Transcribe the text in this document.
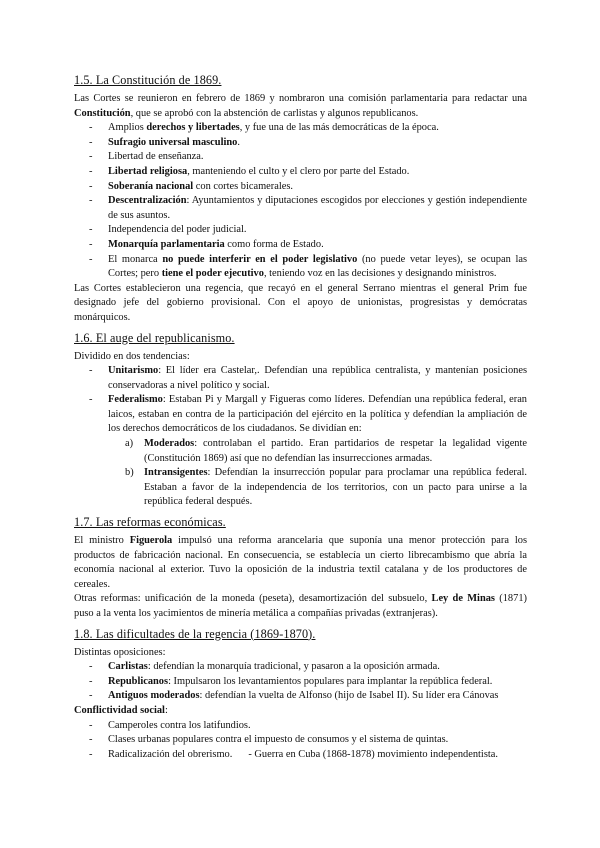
1.5. La Constitución de 1869.

Las Cortes se reunieron en febrero de 1869 y nombraron una comisión parlamentaria para redactar una Constitución, que se aprobó con la abstención de carlistas y algunos republicanos.

- Amplios derechos y libertades, y fue una de las más democráticas de la época.
- Sufragio universal masculino.
- Libertad de enseñanza.
- Libertad religiosa, manteniendo el culto y el clero por parte del Estado.
- Soberanía nacional con cortes bicamerales.
- Descentralización: Ayuntamientos y diputaciones escogidos por elecciones y gestión independiente de sus asuntos.
- Independencia del poder judicial.
- Monarquía parlamentaria como forma de Estado.
- El monarca no puede interferir en el poder legislativo (no puede vetar leyes), se ocupan las Cortes; pero tiene el poder ejecutivo, teniendo voz en las decisiones y designando ministros.

Las Cortes establecieron una regencia, que recayó en el general Serrano mientras el general Prim fue designado jefe del gobierno provisional. Con el apoyo de unionistas, progresistas y demócratas monárquicos.

1.6. El auge del republicanismo.

Dividido en dos tendencias:

- Unitarismo: El líder era Castelar,. Defendían una república centralista, y mantenían posiciones conservadoras a nivel político y social.
- Federalismo: Estaban Pi y Margall y Figueras como líderes. Defendían una república federal, eran laicos, estaban en contra de la participación del ejército en la política y defendían la ampliación de los derechos democráticos de los ciudadanos. Se dividían en:
a) Moderados: controlaban el partido. Eran partidarios de respetar la legalidad vigente (Constitución 1869) así que no defendían las insurrecciones armadas.
b) Intransigentes: Defendían la insurrección popular para proclamar una república federal. Estaban a favor de la independencia de los territorios, con un pacto para unirse a la república federal después.
1.7. Las reformas económicas.

El ministro Figuerola impulsó una reforma arancelaria que suponía una menor protección para los productos de fabricación nacional. En consecuencia, se establecía un cierto librecambismo que abría la economía nacional al exterior. Tuvo la oposición de la industria textil catalana y de los productores de cereales.

Otras reformas: unificación de la moneda (peseta), desamortización del subsuelo, Ley de Minas (1871) puso a la venta los yacimientos de minería metálica a compañías privadas (extranjeras).

1.8. Las dificultades de la regencia (1869-1870).

Distintas oposiciones:

- Carlistas: defendían la monarquía tradicional, y pasaron a la oposición armada.
- Republicanos: Impulsaron los levantamientos populares para implantar la república federal.
- Antiguos moderados: defendían la vuelta de Alfonso (hijo de Isabel II). Su líder era Cánovas

Conflictividad social:

- Camperoles contra los latifundios.
- Clases urbanas populares contra el impuesto de consumos y el sistema de quintas.
- Radicalización del obrerismo. - Guerra en Cuba (1868-1878) movimiento independentista.
